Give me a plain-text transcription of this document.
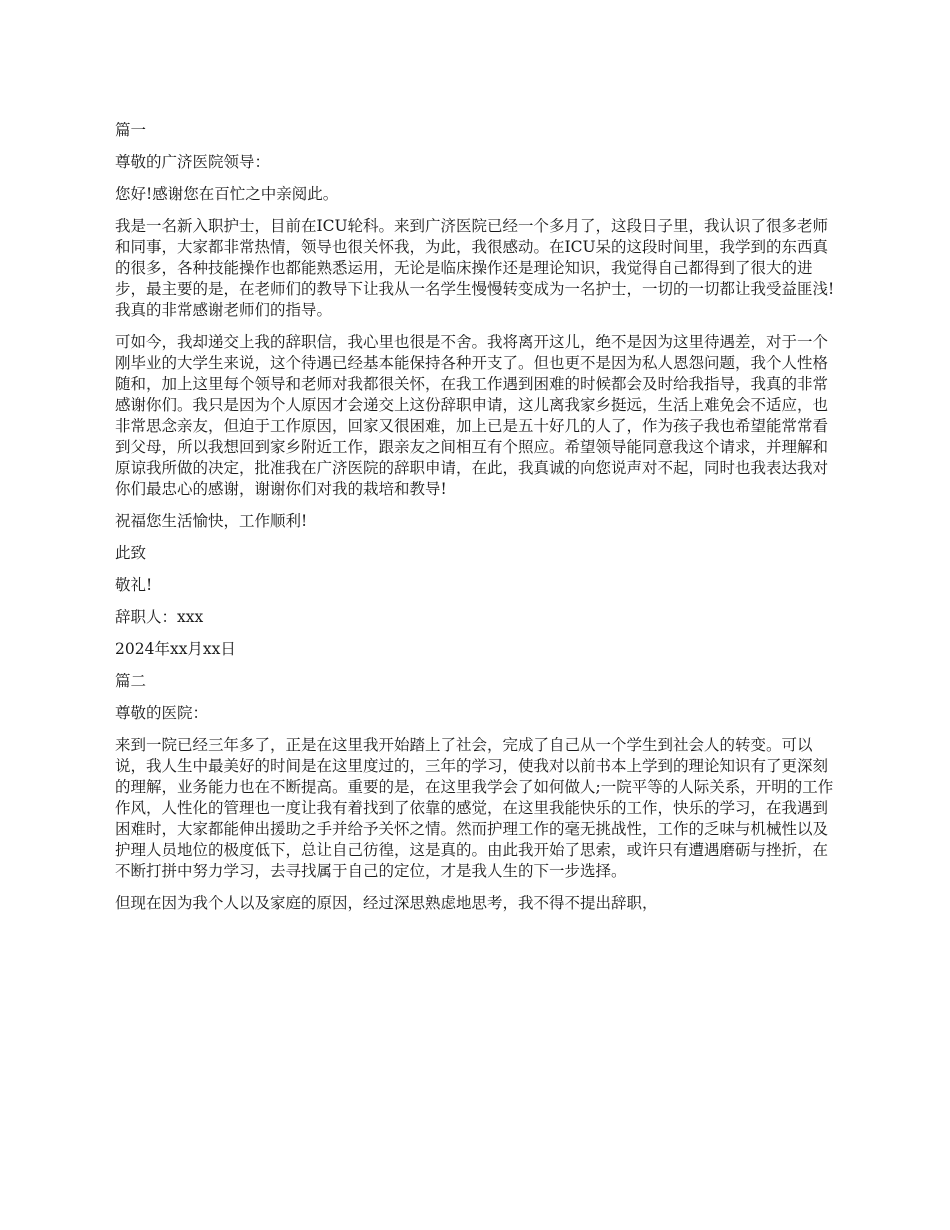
篇一

尊敬的广济医院领导：

您好!感谢您在百忙之中亲阅此。

我是一名新入职护士，目前在ICU轮科。来到广济医院已经一个多月了，这段日子里，我认识了很多老师和同事，大家都非常热情，领导也很关怀我，为此，我很感动。在ICU呆的这段时间里，我学到的东西真的很多，各种技能操作也都能熟悉运用，无论是临床操作还是理论知识，我觉得自己都得到了很大的进步，最主要的是，在老师们的教导下让我从一名学生慢慢转变成为一名护士，一切的一切都让我受益匪浅!我真的非常感谢老师们的指导。

可如今，我却递交上我的辞职信，我心里也很是不舍。我将离开这儿，绝不是因为这里待遇差，对于一个刚毕业的大学生来说，这个待遇已经基本能保持各种开支了。但也更不是因为私人恩怨问题，我个人性格随和，加上这里每个领导和老师对我都很关怀，在我工作遇到困难的时候都会及时给我指导，我真的非常感谢你们。我只是因为个人原因才会递交上这份辞职申请，这儿离我家乡挺远，生活上难免会不适应，也非常思念亲友，但迫于工作原因，回家又很困难，加上已是五十好几的人了，作为孩子我也希望能常常看到父母，所以我想回到家乡附近工作，跟亲友之间相互有个照应。希望领导能同意我这个请求，并理解和原谅我所做的决定，批准我在广济医院的辞职申请，在此，我真诚的向您说声对不起，同时也我表达我对你们最忠心的感谢，谢谢你们对我的栽培和教导!

祝福您生活愉快，工作顺利!

此致

敬礼!

辞职人：xxx

2024年xx月xx日

篇二

尊敬的医院：

来到一院已经三年多了，正是在这里我开始踏上了社会，完成了自己从一个学生到社会人的转变。可以说，我人生中最美好的时间是在这里度过的，三年的学习，使我对以前书本上学到的理论知识有了更深刻的理解，业务能力也在不断提高。重要的是，在这里我学会了如何做人;一院平等的人际关系，开明的工作作风，人性化的管理也一度让我有着找到了依靠的感觉，在这里我能快乐的工作，快乐的学习，在我遇到困难时，大家都能伸出援助之手并给予关怀之情。然而护理工作的毫无挑战性，工作的乏味与机械性以及护理人员地位的极度低下，总让自己彷徨，这是真的。由此我开始了思索，或许只有遭遇磨砺与挫折，在不断打拼中努力学习，去寻找属于自己的定位，才是我人生的下一步选择。

但现在因为我个人以及家庭的原因，经过深思熟虑地思考，我不得不提出辞职，
